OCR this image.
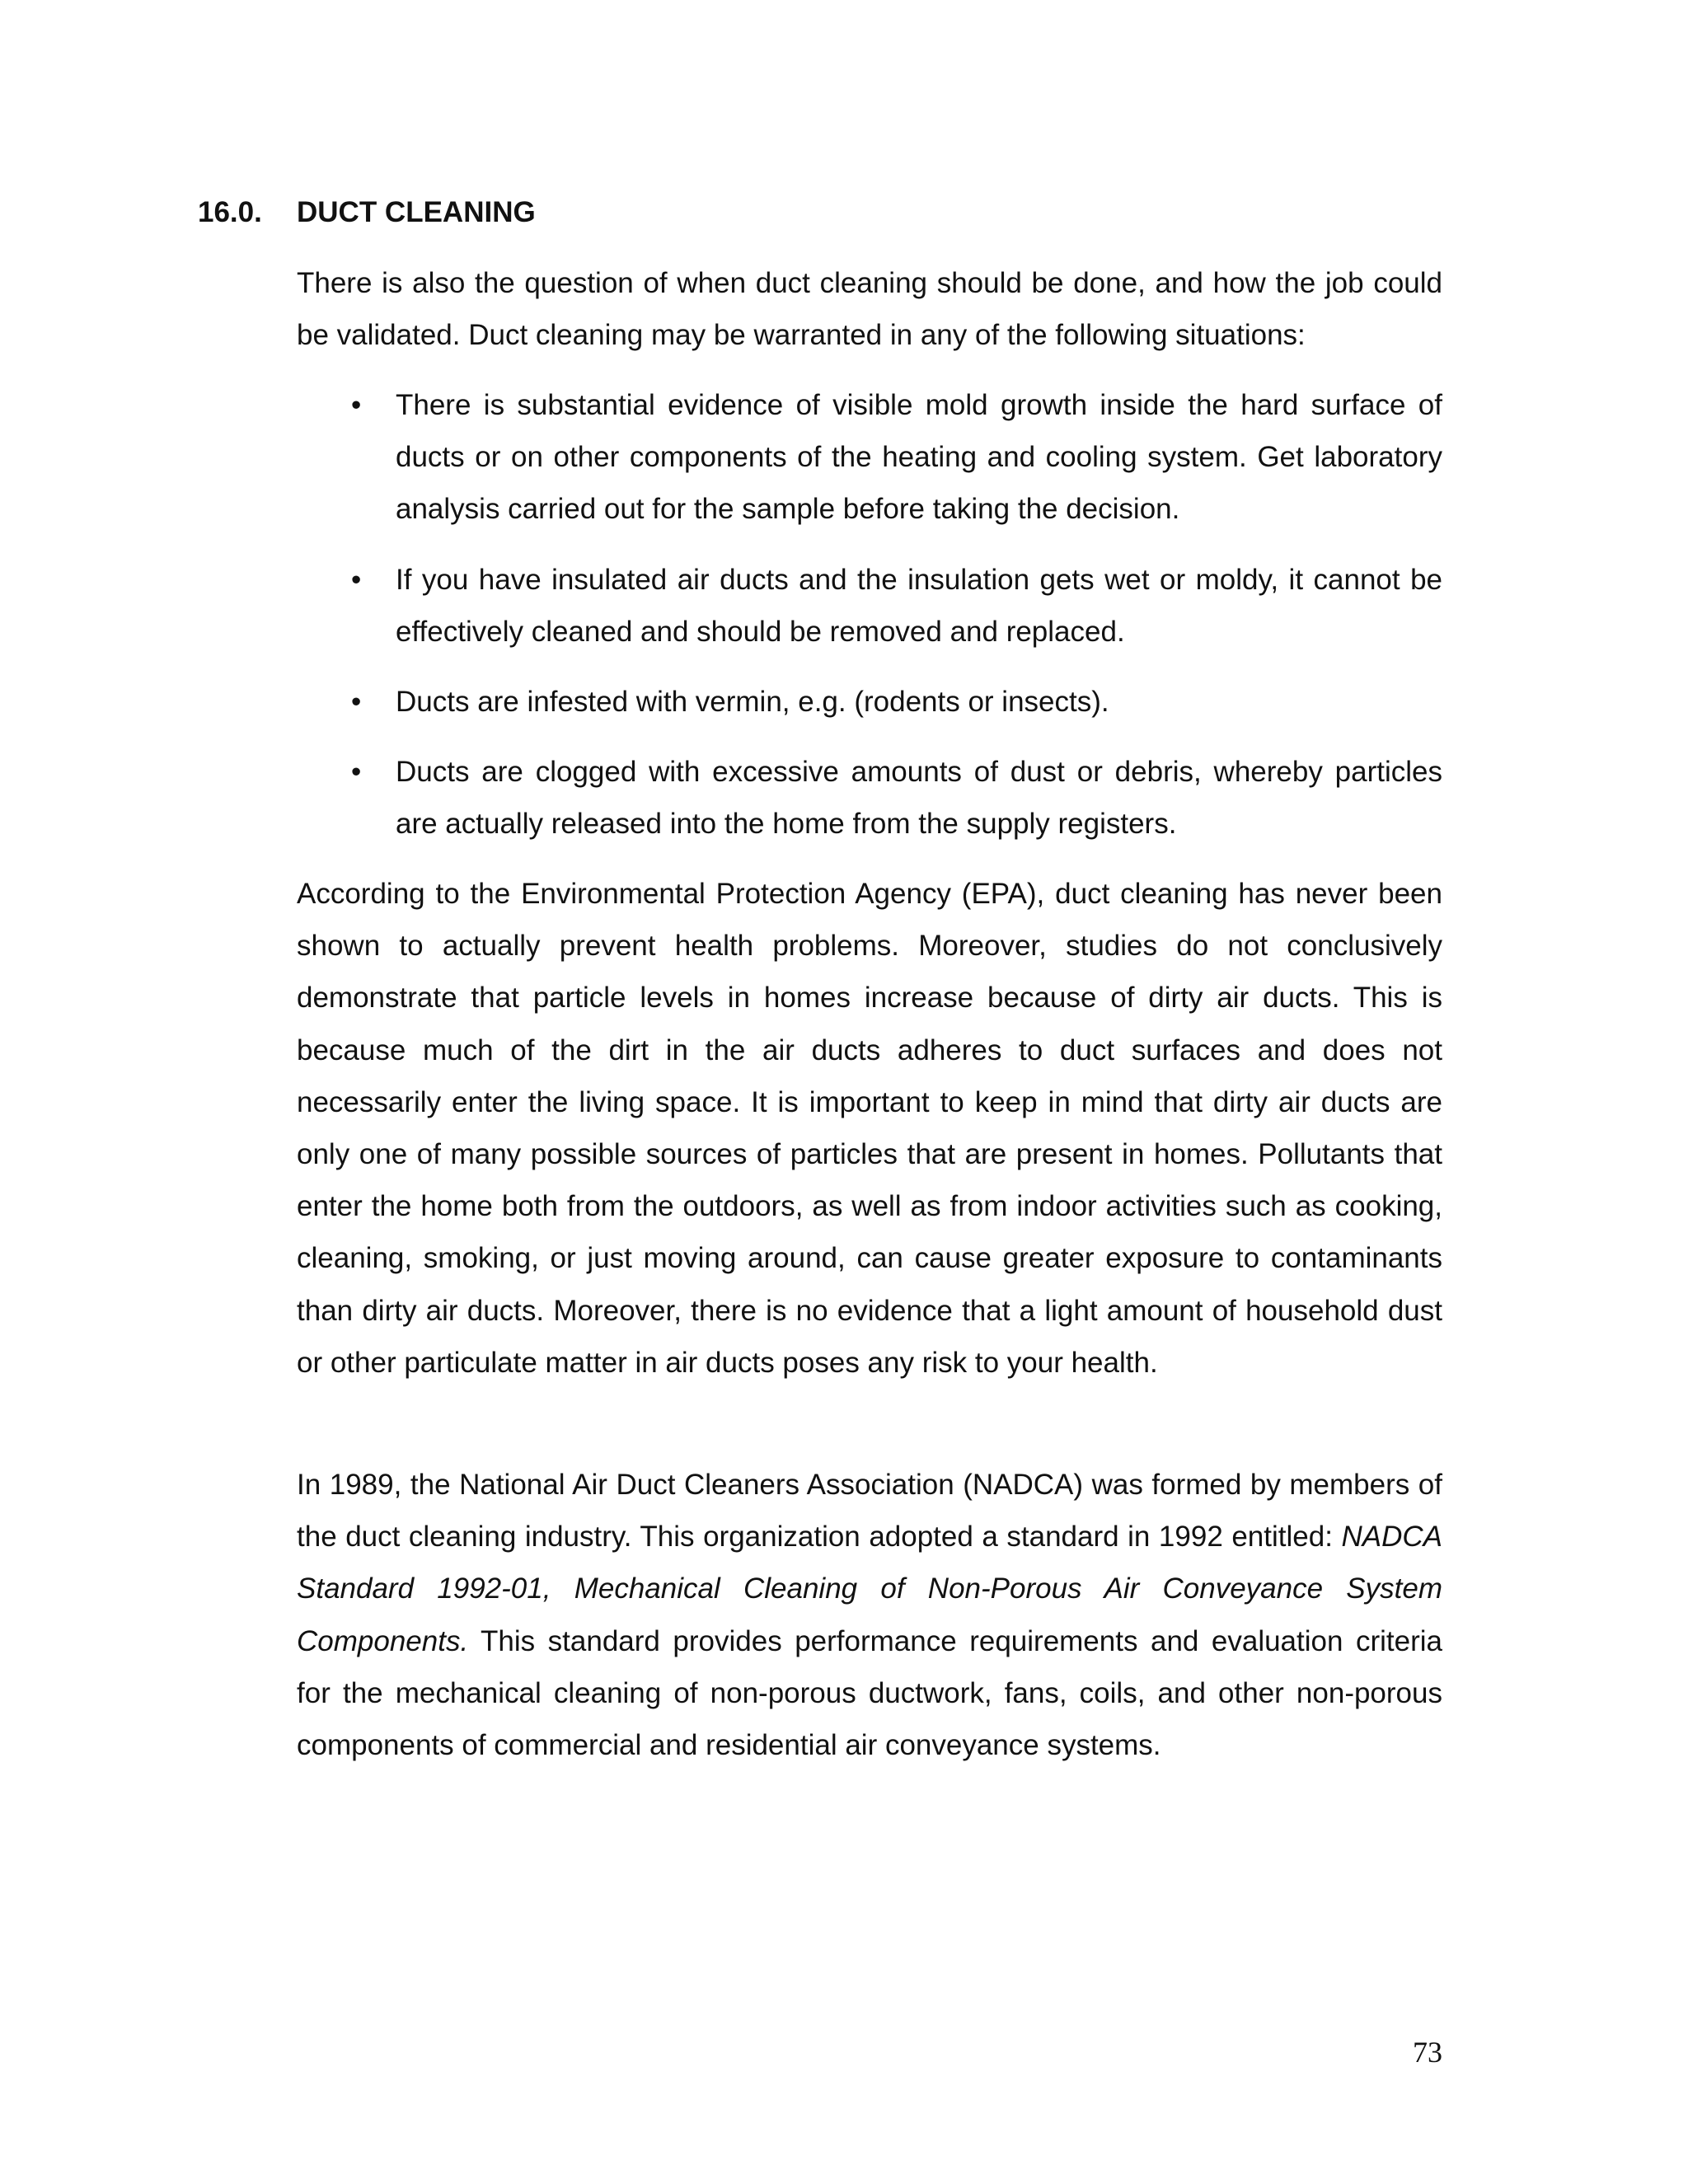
16.0. DUCT CLEANING

There is also the question of when duct cleaning should be done, and how the job could be validated. Duct cleaning may be warranted in any of the following situations:

• There is substantial evidence of visible mold growth inside the hard surface of ducts or on other components of the heating and cooling system. Get laboratory analysis carried out for the sample before taking the decision.
• If you have insulated air ducts and the insulation gets wet or moldy, it cannot be effectively cleaned and should be removed and replaced.
• Ducts are infested with vermin, e.g. (rodents or insects).
• Ducts are clogged with excessive amounts of dust or debris, whereby particles are actually released into the home from the supply registers.

According to the Environmental Protection Agency (EPA), duct cleaning has never been shown to actually prevent health problems. Moreover, studies do not conclusively demonstrate that particle levels in homes increase because of dirty air ducts. This is because much of the dirt in the air ducts adheres to duct surfaces and does not necessarily enter the living space. It is important to keep in mind that dirty air ducts are only one of many possible sources of particles that are present in homes. Pollutants that enter the home both from the outdoors, as well as from indoor activities such as cooking, cleaning, smoking, or just moving around, can cause greater exposure to contaminants than dirty air ducts. Moreover, there is no evidence that a light amount of household dust or other particulate matter in air ducts poses any risk to your health.

In 1989, the National Air Duct Cleaners Association (NADCA) was formed by members of the duct cleaning industry. This organization adopted a standard in 1992 entitled: NADCA Standard 1992-01, Mechanical Cleaning of Non-Porous Air Conveyance System Components. This standard provides performance requirements and evaluation criteria for the mechanical cleaning of non-porous ductwork, fans, coils, and other non-porous components of commercial and residential air conveyance systems.

73
